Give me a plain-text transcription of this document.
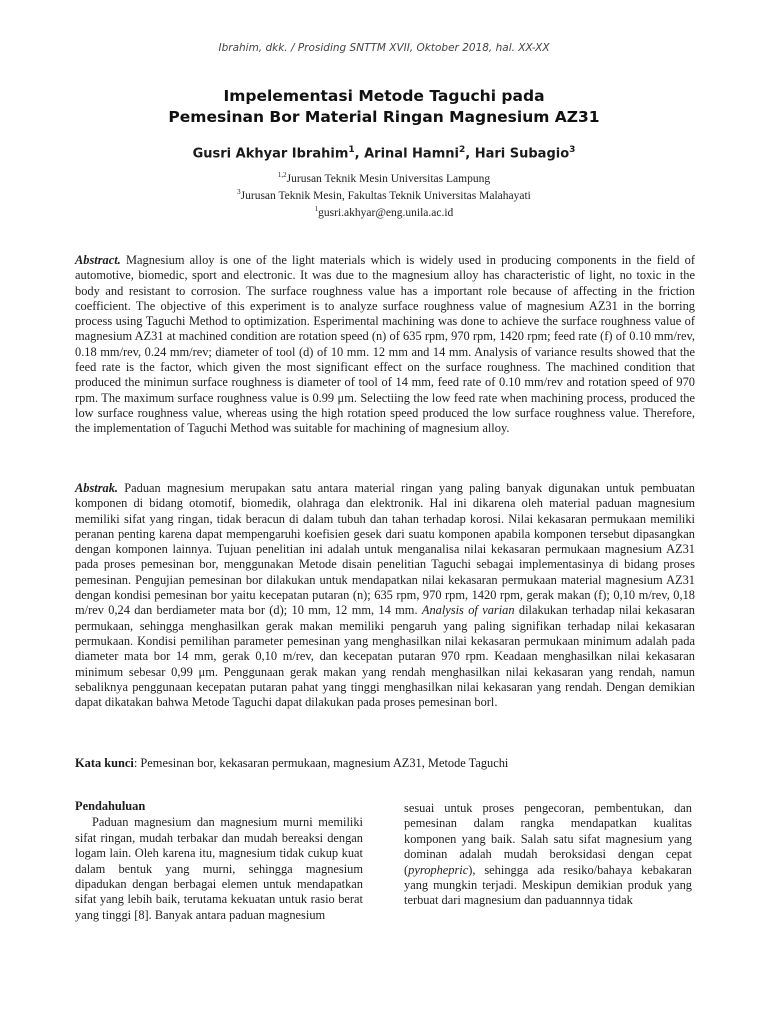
Ibrahim, dkk. / Prosiding SNTTM XVII, Oktober 2018, hal. XX-XX
Impelementasi Metode Taguchi pada
Pemesinan Bor Material Ringan Magnesium AZ31
Gusri Akhyar Ibrahim$^1$, Arinal Hamni$^2$, Hari Subagio$^3$
$^{1,2}$Jurusan Teknik Mesin Universitas Lampung
$^3$Jurusan Teknik Mesin, Fakultas Teknik Universitas Malahayati
$^1$gusri.akhyar@eng.unila.ac.id
Abstract. Magnesium alloy is one of the light materials which is widely used in producing components in the field of automotive, biomedic, sport and electronic. It was due to the magnesium alloy has characteristic of light, no toxic in the body and resistant to corrosion. The surface roughness value has a important role because of affecting in the friction coefficient. The objective of this experiment is to analyze surface roughness value of magnesium AZ31 in the borring process using Taguchi Method to optimization. Esperimental machining was done to achieve the surface roughness value of magnesium AZ31 at machined condition are rotation speed (n) of 635 rpm, 970 rpm, 1420 rpm; feed rate (f) of 0.10 mm/rev, 0.18 mm/rev, 0.24 mm/rev; diameter of tool (d) of 10 mm. 12 mm and 14 mm. Analysis of variance results showed that the feed rate is the factor, which given the most significant effect on the surface roughness. The machined condition that produced the minimun surface roughness is diameter of tool of 14 mm, feed rate of 0.10 mm/rev and rotation speed of 970 rpm. The maximum surface roughness value is 0.99 μm. Selectiing the low feed rate when machining process, produced the low surface roughness value, whereas using the high rotation speed produced the low surface roughness value. Therefore, the implementation of Taguchi Method was suitable for machining of magnesium alloy.
Abstrak. Paduan magnesium merupakan satu antara material ringan yang paling banyak digunakan untuk pembuatan komponen di bidang otomotif, biomedik, olahraga dan elektronik. Hal ini dikarena oleh material paduan magnesium memiliki sifat yang ringan, tidak beracun di dalam tubuh dan tahan terhadap korosi. Nilai kekasaran permukaan memiliki peranan penting karena dapat mempengaruhi koefisien gesek dari suatu komponen apabila komponen tersebut dipasangkan dengan komponen lainnya. Tujuan penelitian ini adalah untuk menganalisa nilai kekasaran permukaan magnesium AZ31 pada proses pemesinan bor, menggunakan Metode disain penelitian Taguchi sebagai implementasinya di bidang proses pemesinan. Pengujian pemesinan bor dilakukan untuk mendapatkan nilai kekasaran permukaan material magnesium AZ31 dengan kondisi pemesinan bor yaitu kecepatan putaran (n); 635 rpm, 970 rpm, 1420 rpm, gerak makan (f); 0,10 m/rev, 0,18 m/rev 0,24 dan berdiameter mata bor (d); 10 mm, 12 mm, 14 mm. Analysis of varian dilakukan terhadap nilai kekasaran permukaan, sehingga menghasilkan gerak makan memiliki pengaruh yang paling signifikan terhadap nilai kekasaran permukaan. Kondisi pemilihan parameter pemesinan yang menghasilkan nilai kekasaran permukaan minimum adalah pada diameter mata bor 14 mm, gerak 0,10 m/rev, dan kecepatan putaran 970 rpm. Keadaan menghasilkan nilai kekasaran minimum sebesar 0,99 μm. Penggunaan gerak makan yang rendah menghasilkan nilai kekasaran yang rendah, namun sebaliknya penggunaan kecepatan putaran pahat yang tinggi menghasilkan nilai kekasaran yang rendah. Dengan demikian dapat dikatakan bahwa Metode Taguchi dapat dilakukan pada proses pemesinan borl.
Kata kunci: Pemesinan bor, kekasaran permukaan, magnesium AZ31, Metode Taguchi
Pendahuluan
Paduan magnesium dan magnesium murni memiliki sifat ringan, mudah terbakar dan mudah bereaksi dengan logam lain. Oleh karena itu, magnesium tidak cukup kuat dalam bentuk yang murni, sehingga magnesium dipadukan dengan berbagai elemen untuk mendapatkan sifat yang lebih baik, terutama kekuatan untuk rasio berat yang tinggi [8]. Banyak antara paduan magnesium
sesuai untuk proses pengecoran, pembentukan, dan pemesinan dalam rangka mendapatkan kualitas komponen yang baik. Salah satu sifat magnesium yang dominan adalah mudah beroksidasi dengan cepat (pyrophepric), sehingga ada resiko/bahaya kebakaran yang mungkin terjadi. Meskipun demikian produk yang terbuat dari magnesium dan paduannnya tidak
